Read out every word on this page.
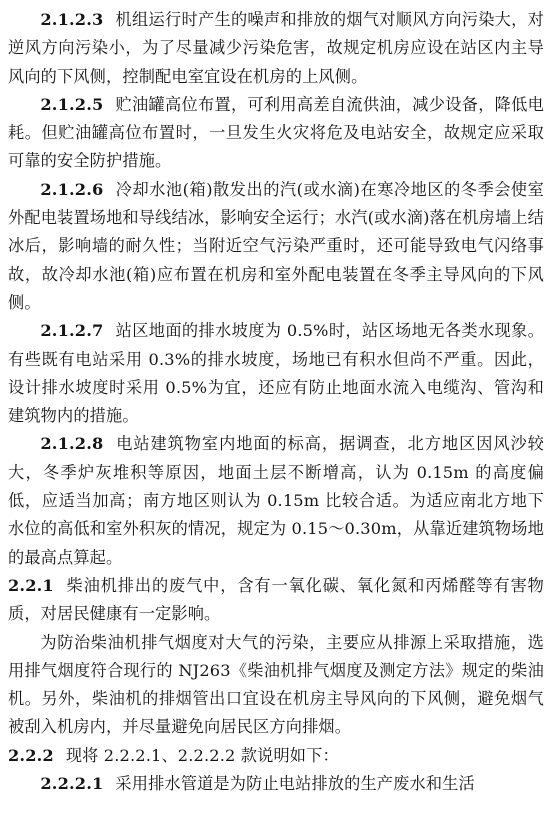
2.1.2.3 机组运行时产生的噪声和排放的烟气对顺风方向污染大，对逆风方向污染小，为了尽量减少污染危害，故规定机房应设在站区内主导风向的下风侧，控制配电室宜设在机房的上风侧。

2.1.2.5 贮油罐高位布置，可利用高差自流供油，减少设备，降低电耗。但贮油罐高位布置时，一旦发生火灾将危及电站安全，故规定应采取可靠的安全防护措施。

2.1.2.6 冷却水池(箱)散发出的汽(或水滴)在寒冷地区的冬季会使室外配电装置场地和导线结冰，影响安全运行；水汽(或水滴)落在机房墙上结冰后，影响墙的耐久性；当附近空气污染严重时，还可能导致电气闪络事故，故冷却水池(箱)应布置在机房和室外配电装置在冬季主导风向的下风侧。

2.1.2.7 站区地面的排水坡度为 0.5%时，站区场地无各类水现象。有些既有电站采用 0.3%的排水坡度，场地已有积水但尚不严重。因此，设计排水坡度时采用 0.5%为宜，还应有防止地面水流入电缆沟、管沟和建筑物内的措施。

2.1.2.8 电站建筑物室内地面的标高，据调查，北方地区因风沙较大，冬季炉灰堆积等原因，地面土层不断增高，认为 0.15m 的高度偏低，应适当加高；南方地区则认为 0.15m 比较合适。为适应南北方地下水位的高低和室外积灰的情况，规定为 0.15～0.30m，从靠近建筑物场地的最高点算起。

2.2.1 柴油机排出的废气中，含有一氧化碳、氧化氮和丙烯醛等有害物质，对居民健康有一定影响。

为防治柴油机排气烟度对大气的污染，主要应从排源上采取措施，选用排气烟度符合现行的 NJ263《柴油机排气烟度及测定方法》规定的柴油机。另外，柴油机的排烟管出口宜设在机房主导风向的下风侧，避免烟气被刮入机房内，并尽量避免向居民区方向排烟。

2.2.2 现将 2.2.2.1、2.2.2.2 款说明如下：

2.2.2.1 采用排水管道是为防止电站排放的生产废水和生活
